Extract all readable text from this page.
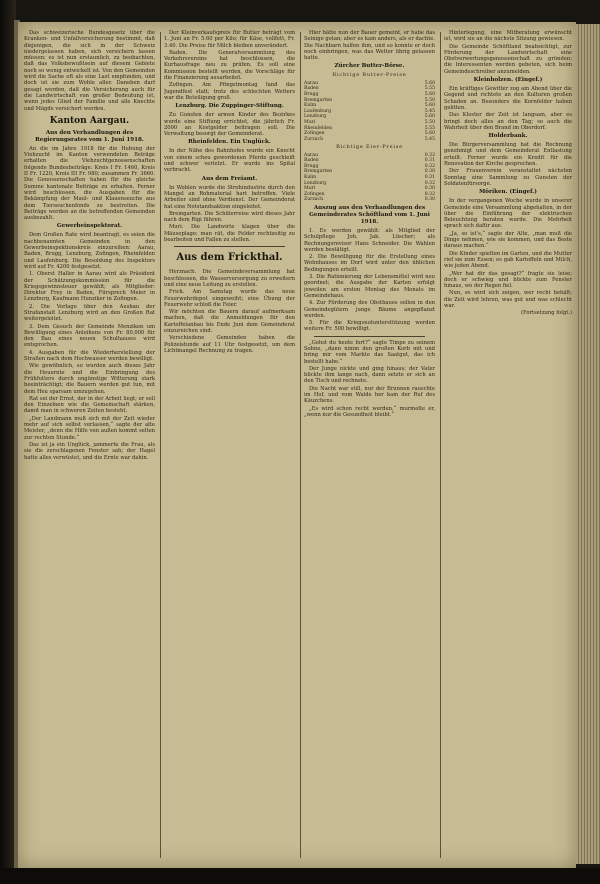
Das schweizerische Bundesgesetz über die Kranken- und Unfallversicherung bestimmt, daß diejenigen, die sich in der Schweiz niedergelassen haben, sich versichern lassen müssen; es ist nun erstaunlich, zu beobachten, daß das Volksbewußtsein auf diesem Gebiete noch so wenig entwickelt ist. Von den Gemeinden wird die Sache oft als eine Last empfunden, und doch ist sie zum Wohle aller. Daneben darf gesagt werden, daß die Versicherung auch für die Landwirtschaft von großer Bedeutung ist, wenn jedes Glied der Familie und alle Knechte und Mägde versichert werden.

Kanton Aargau.
Aus den Verhandlungen des Regierungsrates vom 1. Juni 1918.

An die im Jahre 1918 für die Hebung der Viehzucht im Kanton verwendeten Beträge erhalten die Viehzuchtgenossenschaften folgende Bundesbeiträge: Kreis I Fr. 1460, Kreis II Fr. 1220, Kreis III Fr. 980; zusammen Fr. 3660. Die Genossenschaften haben für die gleiche Summe kantonale Beiträge zu erhalten. Ferner wird beschlossen, die Ausgaben für die Bekämpfung der Maul- und Klauenseuche aus dem Tierseuchenfonds zu bestreiten. Die Beiträge werden an die betreffenden Gemeinden ausbezahlt.

Gewerbeinspektorat.

Dem Großen Rate wird beantragt, es seien die nachbenannten Gemeinden in den Gewerbeinspektionskreis einzureihen: Aarau, Baden, Brugg, Lenzburg, Zofingen, Rheinfelden und Laufenburg. Die Besoldung des Inspektors wird auf Fr. 4200 festgesetzt.

1. Oberst Haller in Aarau wird als Präsident der Schätzungskommission für die Kriegsgewinnsteuer gewählt; als Mitglieder: Direktor Frey in Baden, Fürsprech Meier in Lenzburg, Kaufmann Hunziker in Zofingen.

2. Die Vorlage über den Ausbau der Strafanstalt Lenzburg wird an den Großen Rat weitergeleitet.

3. Dem Gesuch der Gemeinde Menziken um Bewilligung eines Anleihens von Fr. 80,000 für den Bau eines neuen Schulhauses wird entsprochen.

4. Ausgaben für die Wiederherstellung der Straßen nach dem Hochwasser werden bewilligt.

Wie gewöhnlich, so wurden auch dieses Jahr die Heuernte und die Einbringung des Frühfutters durch ungünstige Witterung stark beeinträchtigt; die Bauern werden gut tun, mit dem Heu sparsam umzugehen.

Rat sei der Ernst, der in der Arbeit liegt; er soll den Einzelnen wie die Gemeinschaft stärken, damit man in schweren Zeiten besteht.

„Der Landmann muß sich mit der Zeit wieder mehr auf sich selbst verlassen,“ sagte der alte Meister, „denn die Hilfe von außen kommt selten zur rechten Stunde.“

Das ist ja ein Unglück, jammerte die Frau, als sie die zerschlagenen Fenster sah; der Hagel hatte alles verwüstet, und die Ernte war dahin.

Der Kleinverkaufspreis für Butter beträgt vom 1. Juni an Fr. 5.60 per Kilo; für Käse, vollfett, Fr. 3.40. Die Preise für Milch bleiben unverändert.

Baden. Die Generalversammlung des Verkehrsvereins hat beschlossen, die Kurhausfrage neu zu prüfen. Es soll eine Kommission bestellt werden, die Vorschläge für die Finanzierung ausarbeitet.

Zofingen. Am Pfingstmontag fand das Jugendfest statt; trotz des schlechten Wetters war die Beteiligung groß.

Lenzburg. Die Zuppinger-Stiftung.

Zu Gunsten der armen Kinder des Bezirkes wurde eine Stiftung errichtet, die jährlich Fr. 2000 an Kostgelder beitragen soll. Die Verwaltung besorgt der Gemeinderat.

Rheinfelden. Ein Unglück.

In der Nähe des Bahnhofes wurde ein Knecht von einem scheu gewordenen Pferde geschleift und schwer verletzt. Er wurde ins Spital verbracht.

Aus dem Freiamt.

In Wohlen wurde die Strohindustrie durch den Mangel an Rohmaterial hart betroffen. Viele Arbeiter sind ohne Verdienst. Der Gemeinderat hat eine Notstandsaktion eingeleitet.

Bremgarten. Die Schülerreise wird dieses Jahr nach dem Rigi führen.

Muri. Die Landwirte klagen über die Mäuseplage; man rät, die Felder rechtzeitig zu bearbeiten und Fallen zu stellen.

Aus dem Frickthal.

Herznach. Die Gemeindeversammlung hat beschlossen, die Wasserversorgung zu erweitern und eine neue Leitung zu erstellen.

Frick. Am Samstag wurde das neue Feuerwehrdepot eingeweiht; eine Übung der Feuerwehr schloß die Feier.

Wir möchten die Bauern darauf aufmerksam machen, daß die Anmeldungen für den Kartoffelanbau bis Ende Juni dem Gemeinderat einzureichen sind.

Verschiedene Gemeinden haben die Polizeistunde auf 11 Uhr festgesetzt, um dem Lichtmangel Rechnung zu tragen.

Hier hätte nun der Bauer gemeint, er habe das Seinige getan; aber es kam anders, als er dachte. Die Nachbarn halfen ihm, und so konnte er doch noch einbringen, was das Wetter übrig gelassen hatte.

Zürcher Butter-Börse.
Richtige Butter-Preise
Aarau	5.60
Baden	5.55
Brugg	5.60
Bremgarten	5.50
Kulm	5.60
Laufenburg	5.45
Lenzburg	5.60
Muri	5.50
Rheinfelden	5.55
Zofingen	5.60
Zurzach	5.45
Richtige Eier-Preise
Aarau	0.32
Baden	0.31
Brugg	0.32
Bremgarten	0.30
Kulm	0.31
Lenzburg	0.32
Muri	0.30
Zofingen	0.32
Zurzach	0.30
Auszug aus den Verhandlungen des Gemeinderates Schöftland vom 1. Juni 1918.

1. Es werden gewählt: als Mitglied der Schulpflege Joh. Jak. Lüscher; als Rechnungsrevisor Hans Schneider. Die Wahlen werden bestätigt.

2. Die Bewilligung für die Erstellung eines Wohnhauses im Dorf wird unter den üblichen Bedingungen erteilt.

3. Die Rationierung der Lebensmittel wird neu geordnet; die Ausgabe der Karten erfolgt jeweilen am ersten Montag des Monats im Gemeindehaus.

4. Zur Förderung des Obstbaues sollen in den Gemeindegütern junge Bäume angepflanzt werden.

5. Für die Kriegsnotunterstützung werden weitere Fr. 500 bewilligt.

„Gehst du heute fort?“ sagte Timpe zu seinem Sohne, „dann nimm den großen Korb mit und bring mir vom Markte das Saatgut, das ich bestellt habe.“

Der Junge nickte und ging hinaus; der Vater blickte ihm lange nach, dann setzte er sich an den Tisch und rechnete.

Die Nacht war still, nur der Brunnen rauschte im Hof, und vom Walde her kam der Ruf des Käuzchens.

„Es wird schon recht werden,“ murmelte er, „wenn nur die Gesundheit bleibt.“

Hinterlegung, eine Mitberatung erwünscht ist, wird sie an die nächste Sitzung gewiesen.

Die Gemeinde Schöftland beabsichtigt, zur Förderung der Landwirtschaft eine Obstverwertungsgenossenschaft zu gründen; die Interessenten werden gebeten, sich beim Gemeindeschreiber anzumelden.

Kleinholzen. (Eingef.)

Ein kräftiges Gewitter zog am Abend über die Gegend und richtete an den Kulturen großen Schaden an. Besonders die Kornfelder haben gelitten.

Das Kloster der Zeit ist langsam, aber es bringt doch alles an den Tag; so auch die Wahrheit über den Brand im Oberdorf.

Holderbank.

Die Bürgerversammlung hat die Rechnung genehmigt und dem Gemeinderat Entlastung erteilt. Ferner wurde ein Kredit für die Renovation der Kirche gesprochen.

Der Frauenverein veranstaltet nächsten Sonntag eine Sammlung zu Gunsten der Soldatenfürsorge.

Möriken. (Eingef.)

In der vergangenen Woche wurde in unserer Gemeinde eine Versammlung abgehalten, in der über die Einführung der elektrischen Beleuchtung beraten wurde. Die Mehrheit sprach sich dafür aus.

„Ja, so ist's,“ sagte der Alte, „man muß die Dinge nehmen, wie sie kommen, und das Beste daraus machen.“

Die Kinder spielten im Garten, und die Mutter rief sie zum Essen; es gab Kartoffeln und Milch, wie jeden Abend.

„Wer hat dir das gesagt?“ fragte sie leise; doch er schwieg und blickte zum Fenster hinaus, wo der Regen fiel.

Nun, es wird sich zeigen, wer recht behält; die Zeit wird lehren, was gut und was schlecht war.

(Fortsetzung folgt.)
